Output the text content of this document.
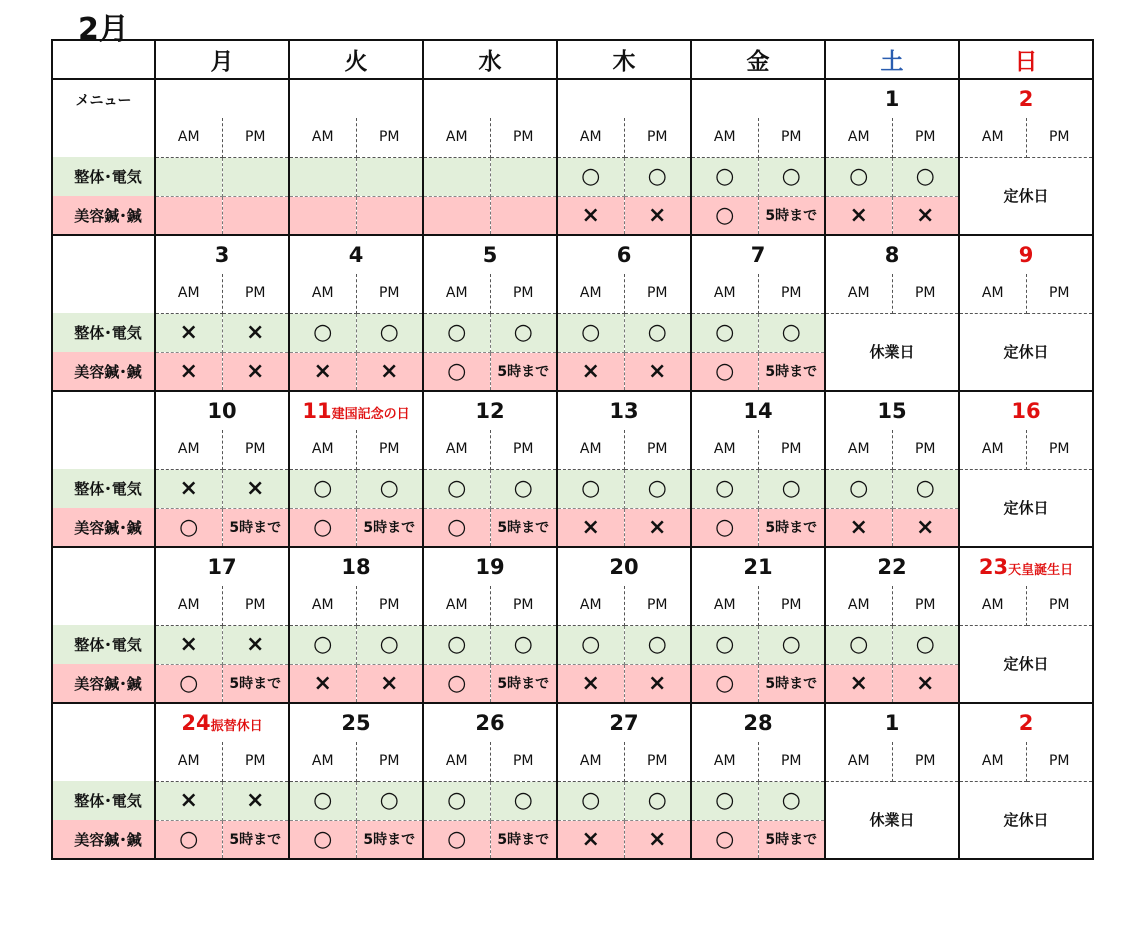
2月
	月		火		水		木		金		土		日	
メニュー											1		2	
	AM	PM	AM	PM	AM	PM	AM	PM	AM	PM	AM	PM	AM	PM
整体･電気							○	○	○	○	○	○	定休日	
美容鍼･鍼							×	×	○	5時まで	×	×		
	3		4		5		6		7		8		9	
	AM	PM	AM	PM	AM	PM	AM	PM	AM	PM	AM	PM	AM	PM
整体･電気	×	×	○	○	○	○	○	○	○	○	休業日		定休日	
美容鍼･鍼	×	×	×	×	○	5時まで	×	×	○	5時まで				
	10		11建国記念の日		12		13		14		15		16	
	AM	PM	AM	PM	AM	PM	AM	PM	AM	PM	AM	PM	AM	PM
整体･電気	×	×	○	○	○	○	○	○	○	○	○	○	定休日	
美容鍼･鍼	○	5時まで	○	5時まで	○	5時まで	×	×	○	5時まで	×	×		
	17		18		19		20		21		22		23天皇誕生日	
	AM	PM	AM	PM	AM	PM	AM	PM	AM	PM	AM	PM	AM	PM
整体･電気	×	×	○	○	○	○	○	○	○	○	○	○	定休日	
美容鍼･鍼	○	5時まで	×	×	○	5時まで	×	×	○	5時まで	×	×		
	24振替休日		25		26		27		28		1		2	
	AM	PM	AM	PM	AM	PM	AM	PM	AM	PM	AM	PM	AM	PM
整体･電気	×	×	○	○	○	○	○	○	○	○	休業日		定休日	
美容鍼･鍼	○	5時まで	○	5時まで	○	5時まで	×	×	○	5時まで				
